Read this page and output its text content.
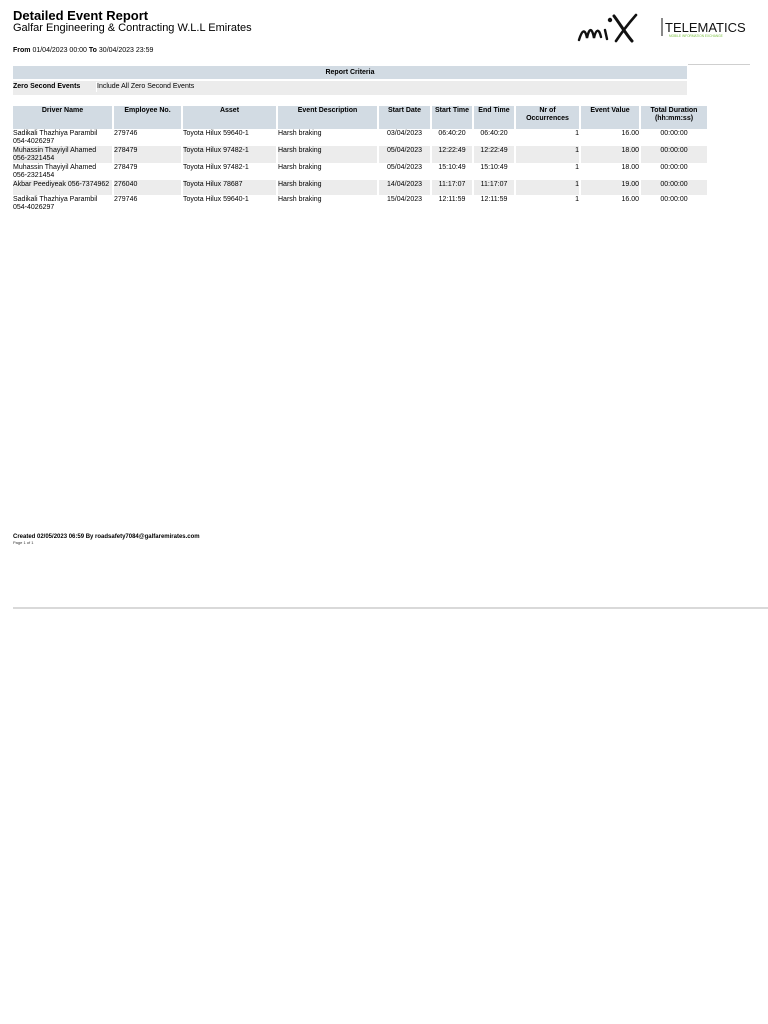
Detailed Event Report
Galfar Engineering & Contracting W.L.L Emirates
From 01/04/2023 00:00 To 30/04/2023 23:59
TELEMATICS
MOBILE INFORMATION EXCHANGE
Report Criteria
Zero Second Events	Include All Zero Second Events
Driver Name	Employee No.	Asset	Event Description	Start Date	Start Time	End Time	Nr of Occurrences	Event Value	Total Duration (hh:mm:ss)
Sadikali Thazhiya Parambil 054-4026297	279746	Toyota Hilux 59640-1	Harsh braking	03/04/2023	06:40:20	06:40:20	1	16.00	00:00:00
Muhassin Thayiyil Ahamed 056-2321454	278479	Toyota Hilux 97482-1	Harsh braking	05/04/2023	12:22:49	12:22:49	1	18.00	00:00:00
Muhassin Thayiyil Ahamed 056-2321454	278479	Toyota Hilux 97482-1	Harsh braking	05/04/2023	15:10:49	15:10:49	1	18.00	00:00:00
Akbar Peediyeak 056-7374962	276040	Toyota Hilux 78687	Harsh braking	14/04/2023	11:17:07	11:17:07	1	19.00	00:00:00
Sadikali Thazhiya Parambil 054-4026297	279746	Toyota Hilux 59640-1	Harsh braking	15/04/2023	12:11:59	12:11:59	1	16.00	00:00:00
Created 02/05/2023 06:59 By roadsafety7084@galfaremirates.com
Page 1 of 1
